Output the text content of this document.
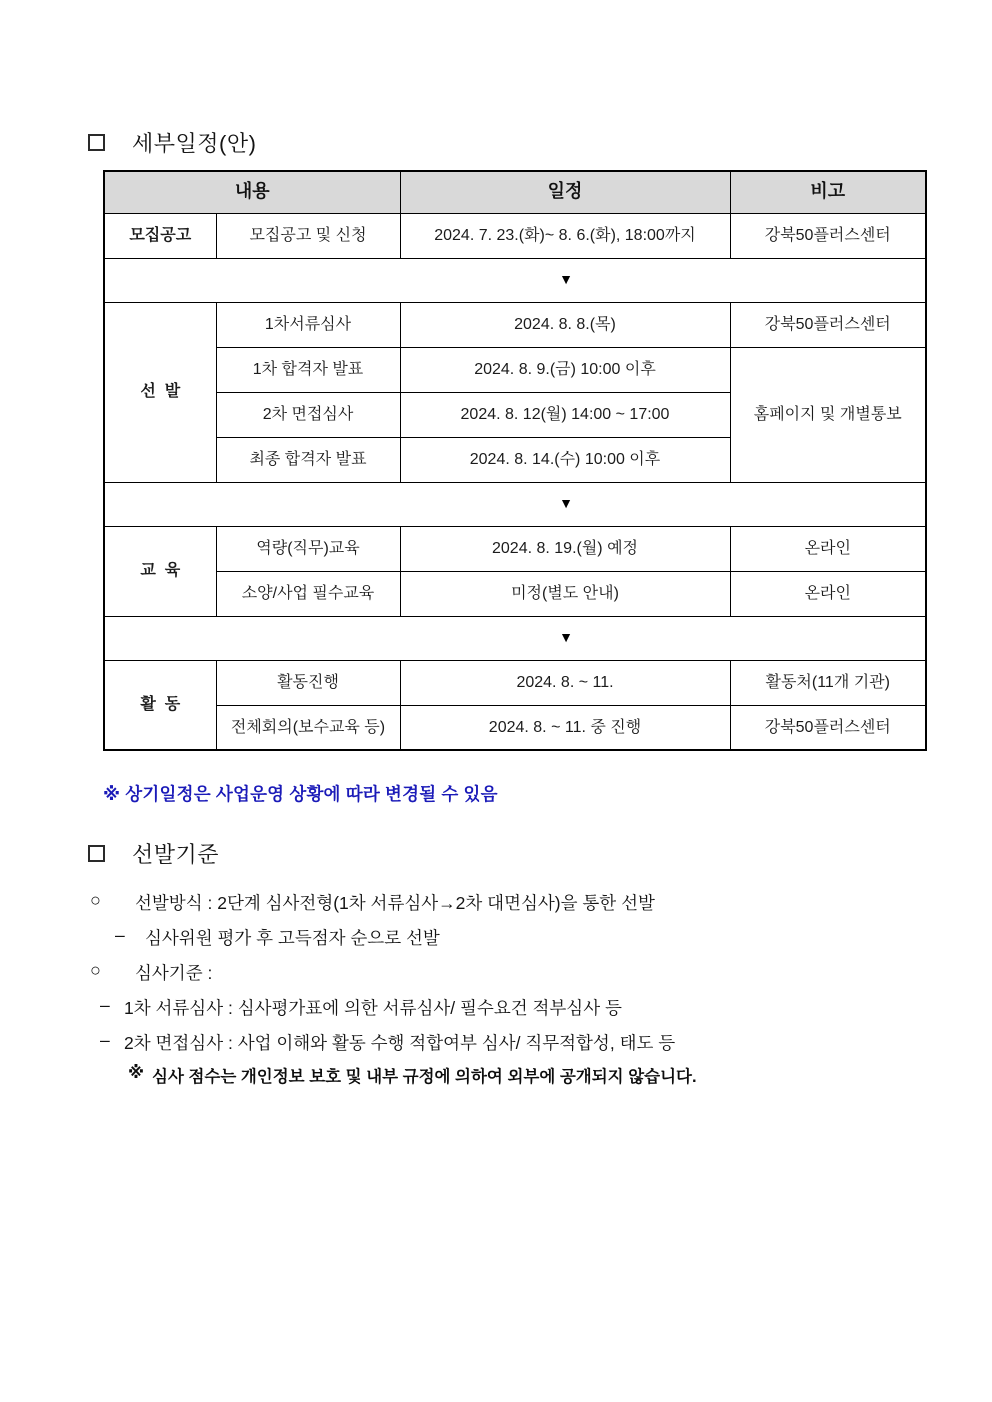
세부일정(안)
내용		일정	비고
모집공고	모집공고 및 신청	2024. 7. 23.(화)~ 8. 6.(화), 18:00까지	강북50플러스센터
▼			
선  발	1차서류심사	2024. 8. 8.(목)	강북50플러스센터
	1차 합격자 발표	2024. 8. 9.(금) 10:00 이후	홈페이지 및 개별통보
	2차 면접심사	2024. 8. 12(월) 14:00 ~ 17:00	
	최종 합격자 발표	2024. 8. 14.(수) 10:00 이후	
▼			
교  육	역량(직무)교육	2024. 8. 19.(월) 예정	온라인
	소양/사업 필수교육	미정(별도 안내)	온라인
▼			
활  동	활동진행	2024. 8. ~ 11.	활동처(11개 기관)
	전체회의(보수교육 등)	2024. 8. ~ 11. 중 진행	강북50플러스센터
※ 상기일정은 사업운영 상황에 따라 변경될 수 있음
선발기준
○ 선발방식 : 2단계 심사전형(1차 서류심사→2차 대면심사)을 통한 선발
– 심사위원 평가 후 고득점자 순으로 선발
○ 심사기준 :
– 1차 서류심사 : 심사평가표에 의한 서류심사/ 필수요건 적부심사 등
– 2차 면접심사 : 사업 이해와 활동 수행 적합여부 심사/ 직무적합성, 태도 등
※ 심사 점수는 개인정보 보호 및 내부 규정에 의하여 외부에 공개되지 않습니다.
